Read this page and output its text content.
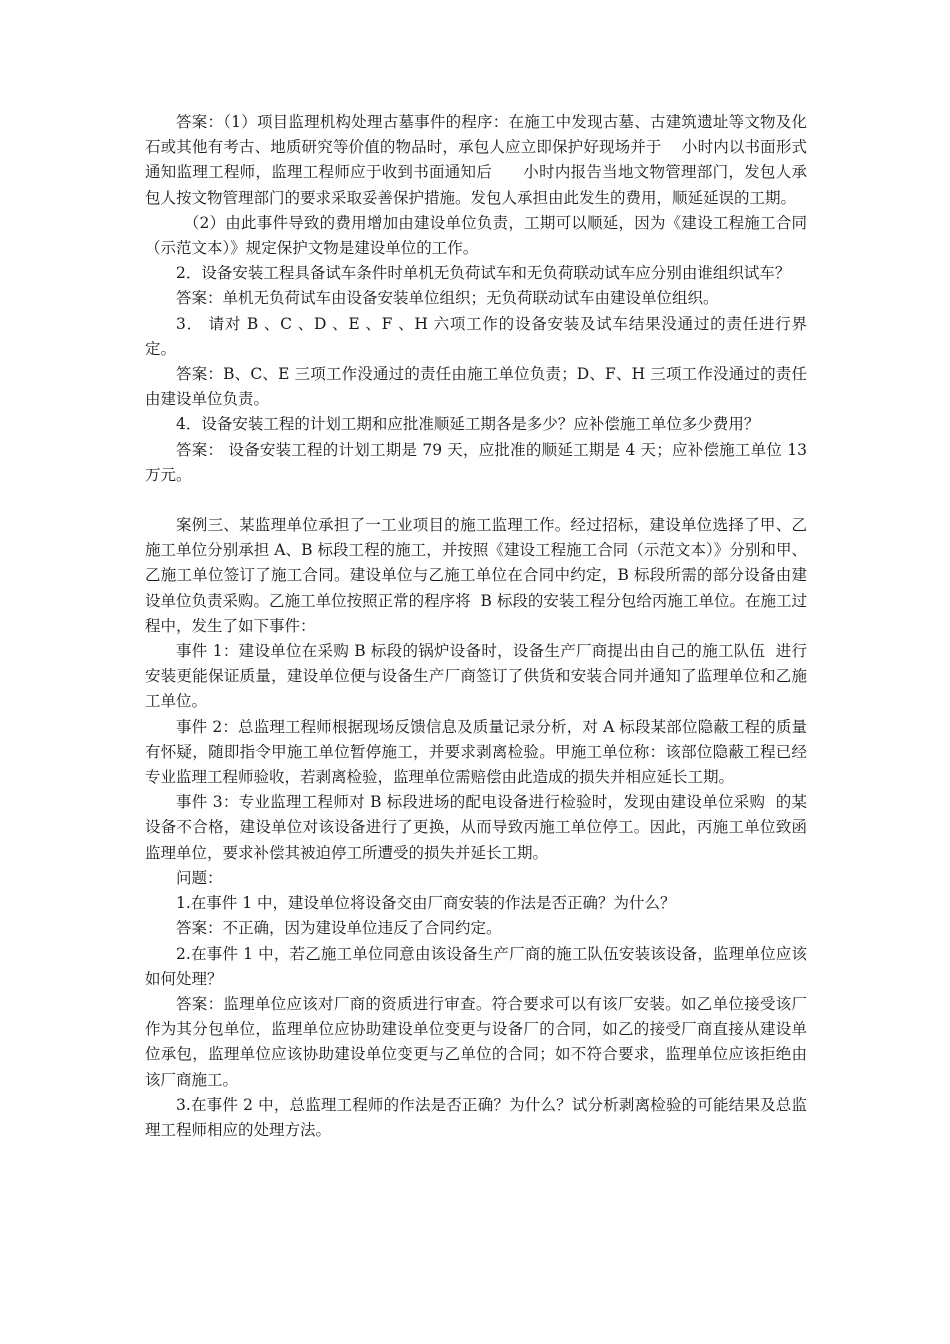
答案：（1）项目监理机构处理古墓事件的程序：在施工中发现古墓、古建筑遗址等文物及化石或其他有考古、地质研究等价值的物品时，承包人应立即保护好现场并于    小时内以书面形式通知监理工程师，监理工程师应于收到书面通知后      小时内报告当地文物管理部门，发包人承包人按文物管理部门的要求采取妥善保护措施。发包人承担由此发生的费用，顺延延误的工期。

（2）由此事件导致的费用增加由建设单位负责，工期可以顺延，因为《建设工程施工合同（示范文本）》规定保护文物是建设单位的工作。

2．设备安装工程具备试车条件时单机无负荷试车和无负荷联动试车应分别由谁组织试车？

答案：单机无负荷试车由设备安装单位组织；无负荷联动试车由建设单位组织。

3． 请对 B 、C 、D 、E 、F 、H 六项工作的设备安装及试车结果没通过的责任进行界定。

答案：B、C、E 三项工作没通过的责任由施工单位负责；D、F、H 三项工作没通过的责任由建设单位负责。

4．设备安装工程的计划工期和应批准顺延工期各是多少？应补偿施工单位多少费用？

答案： 设备安装工程的计划工期是 79 天，应批准的顺延工期是 4 天；应补偿施工单位 13 万元。

案例三、某监理单位承担了一工业项目的施工监理工作。经过招标，建设单位选择了甲、乙施工单位分别承担 A、B 标段工程的施工，并按照《建设工程施工合同（示范文本）》分别和甲、乙施工单位签订了施工合同。建设单位与乙施工单位在合同中约定，B 标段所需的部分设备由建设单位负责采购。乙施工单位按照正常的程序将  B 标段的安装工程分包给丙施工单位。在施工过程中，发生了如下事件：

事件 1：建设单位在采购 B 标段的锅炉设备时，设备生产厂商提出由自己的施工队伍  进行安装更能保证质量，建设单位便与设备生产厂商签订了供货和安装合同并通知了监理单位和乙施工单位。

事件 2：总监理工程师根据现场反馈信息及质量记录分析，对 A 标段某部位隐蔽工程的质量有怀疑，随即指令甲施工单位暂停施工，并要求剥离检验。甲施工单位称：该部位隐蔽工程已经专业监理工程师验收，若剥离检验，监理单位需赔偿由此造成的损失并相应延长工期。

事件 3：专业监理工程师对 B 标段进场的配电设备进行检验时，发现由建设单位采购  的某设备不合格，建设单位对该设备进行了更换，从而导致丙施工单位停工。因此，丙施工单位致函监理单位，要求补偿其被迫停工所遭受的损失并延长工期。

问题：

1.在事件 1 中，建设单位将设备交由厂商安装的作法是否正确？为什么？

答案：不正确，因为建设单位违反了合同约定。

2.在事件 1 中，若乙施工单位同意由该设备生产厂商的施工队伍安装该设备，监理单位应该如何处理？

答案：监理单位应该对厂商的资质进行审查。符合要求可以有该厂安装。如乙单位接受该厂作为其分包单位，监理单位应协助建设单位变更与设备厂的合同，如乙的接受厂商直接从建设单位承包，监理单位应该协助建设单位变更与乙单位的合同；如不符合要求，监理单位应该拒绝由该厂商施工。

3.在事件 2 中，总监理工程师的作法是否正确？为什么？试分析剥离检验的可能结果及总监理工程师相应的处理方法。
